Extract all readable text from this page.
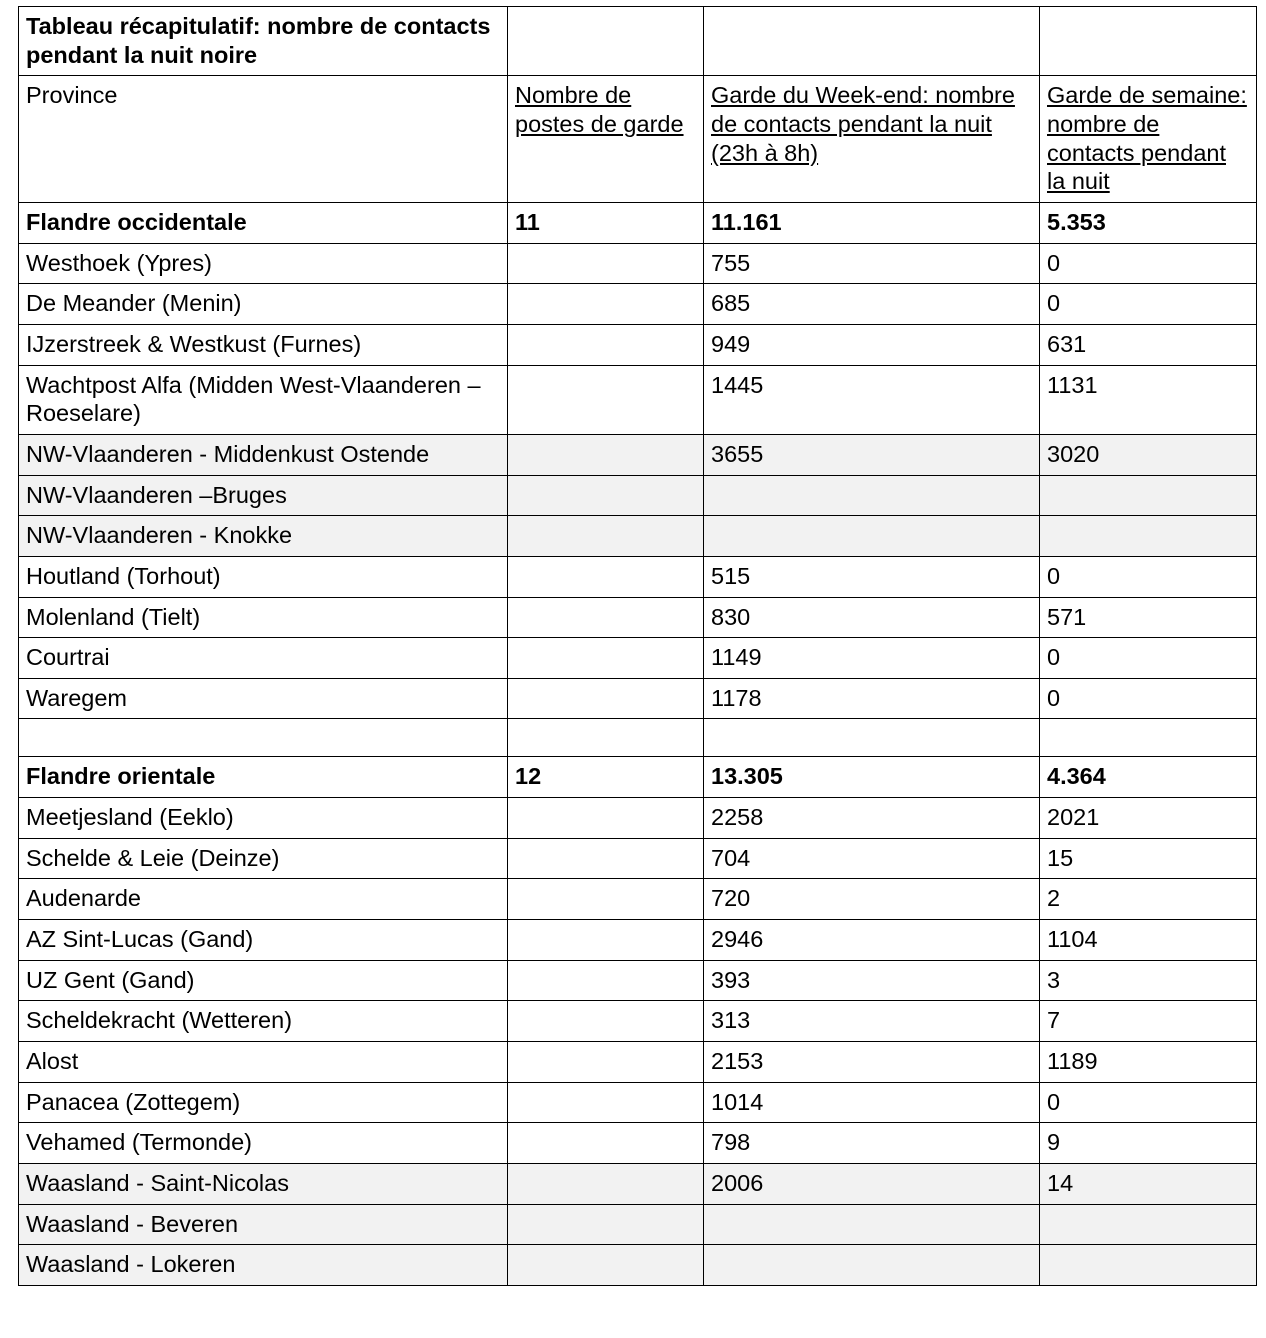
Tableau récapitulatif: nombre de contacts pendant la nuit noire			
Province	Nombre de postes de garde	Garde du Week-end: nombre de contacts pendant la nuit (23h à 8h)	Garde de semaine: nombre de contacts pendant la nuit
Flandre occidentale	11	11.161	5.353
Westhoek (Ypres)		755	0
De Meander (Menin)		685	0
IJzerstreek & Westkust (Furnes)		949	631
Wachtpost Alfa (Midden West-Vlaanderen – Roeselare)		1445	1131
NW-Vlaanderen - Middenkust Ostende		3655	3020
NW-Vlaanderen –Bruges			
NW-Vlaanderen - Knokke			
Houtland (Torhout)		515	0
Molenland (Tielt)		830	571
Courtrai		1149	0
Waregem		1178	0

Flandre orientale	12	13.305	4.364
Meetjesland (Eeklo)		2258	2021
Schelde & Leie (Deinze)		704	15
Audenarde		720	2
AZ Sint-Lucas (Gand)		2946	1104
UZ Gent (Gand)		393	3
Scheldekracht (Wetteren)		313	7
Alost		2153	1189
Panacea (Zottegem)		1014	0
Vehamed (Termonde)		798	9
Waasland - Saint-Nicolas		2006	14
Waasland - Beveren			
Waasland - Lokeren			
